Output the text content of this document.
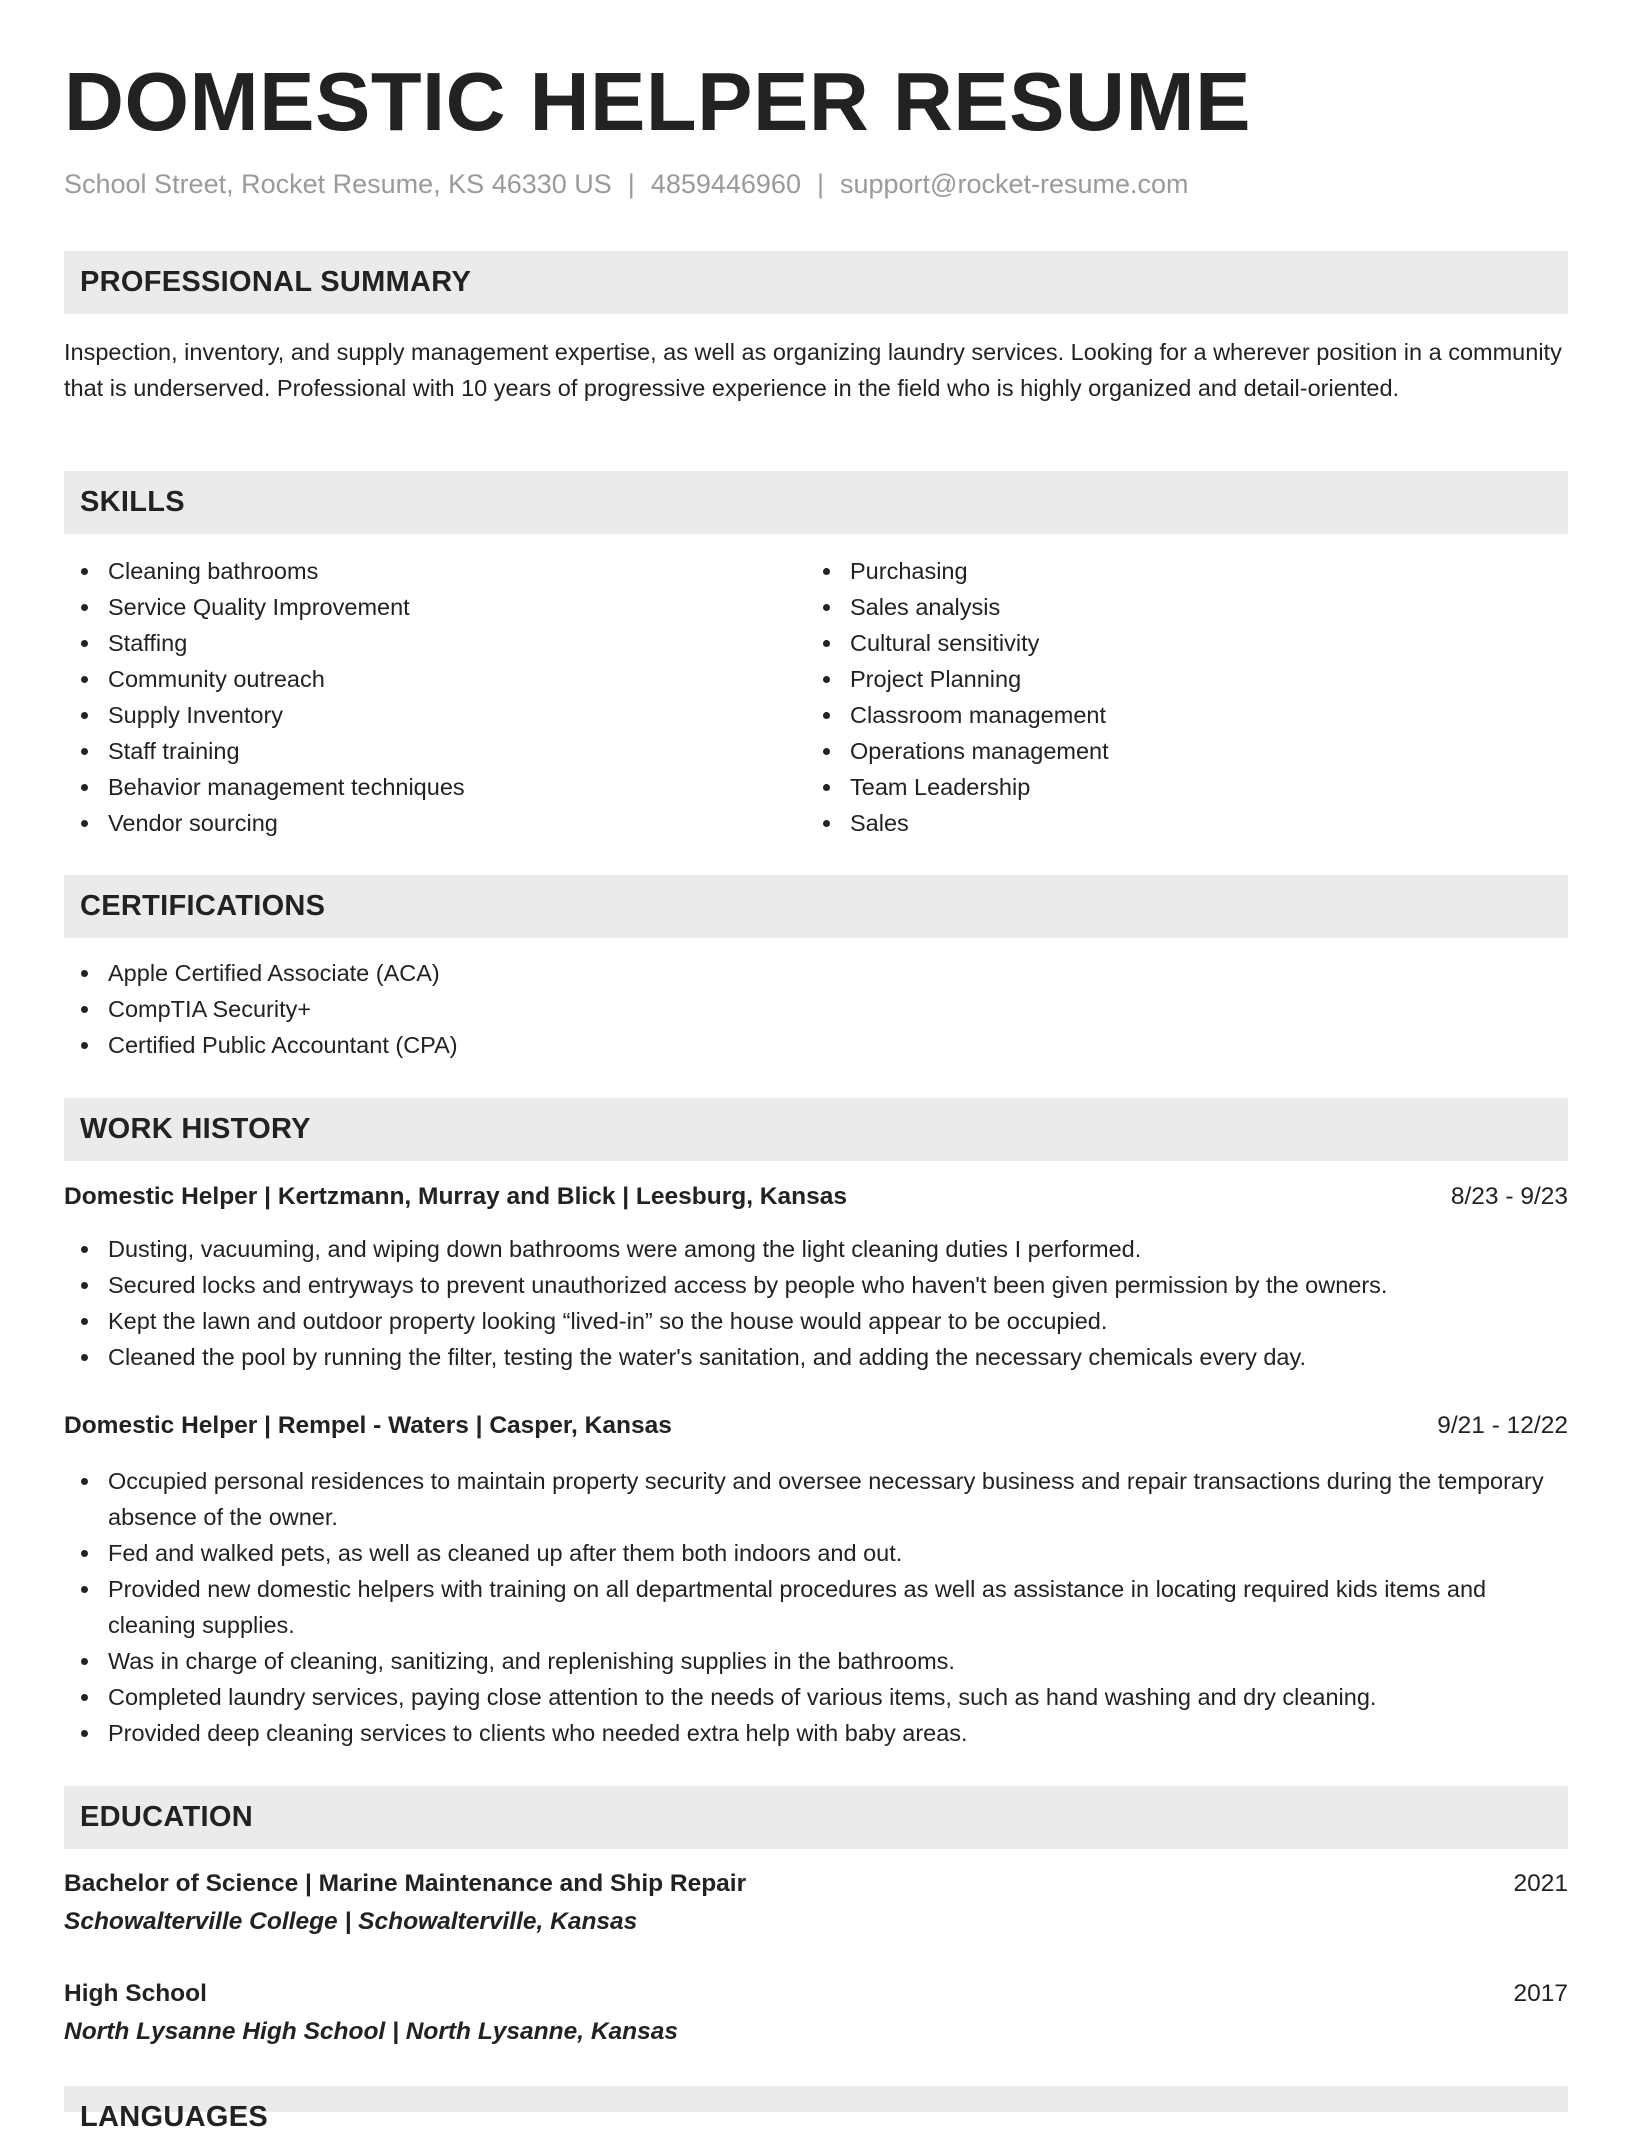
DOMESTIC HELPER RESUME
School Street, Rocket Resume, KS 46330 US | 4859446960 | support@rocket-resume.com
PROFESSIONAL SUMMARY
Inspection, inventory, and supply management expertise, as well as organizing laundry services. Looking for a wherever position in a community that is underserved. Professional with 10 years of progressive experience in the field who is highly organized and detail-oriented.
SKILLS
Cleaning bathrooms
Service Quality Improvement
Staffing
Community outreach
Supply Inventory
Staff training
Behavior management techniques
Vendor sourcing
Purchasing
Sales analysis
Cultural sensitivity
Project Planning
Classroom management
Operations management
Team Leadership
Sales
CERTIFICATIONS
Apple Certified Associate (ACA)
CompTIA Security+
Certified Public Accountant (CPA)
WORK HISTORY
Domestic Helper | Kertzmann, Murray and Blick | Leesburg, Kansas	8/23 - 9/23
Dusting, vacuuming, and wiping down bathrooms were among the light cleaning duties I performed.
Secured locks and entryways to prevent unauthorized access by people who haven't been given permission by the owners.
Kept the lawn and outdoor property looking “lived-in” so the house would appear to be occupied.
Cleaned the pool by running the filter, testing the water's sanitation, and adding the necessary chemicals every day.
Domestic Helper | Rempel - Waters | Casper, Kansas	9/21 - 12/22
Occupied personal residences to maintain property security and oversee necessary business and repair transactions during the temporary absence of the owner.
Fed and walked pets, as well as cleaned up after them both indoors and out.
Provided new domestic helpers with training on all departmental procedures as well as assistance in locating required kids items and cleaning supplies.
Was in charge of cleaning, sanitizing, and replenishing supplies in the bathrooms.
Completed laundry services, paying close attention to the needs of various items, such as hand washing and dry cleaning.
Provided deep cleaning services to clients who needed extra help with baby areas.
EDUCATION
Bachelor of Science | Marine Maintenance and Ship Repair	2021
Schowalterville College | Schowalterville, Kansas
High School	2017
North Lysanne High School | North Lysanne, Kansas
LANGUAGES
